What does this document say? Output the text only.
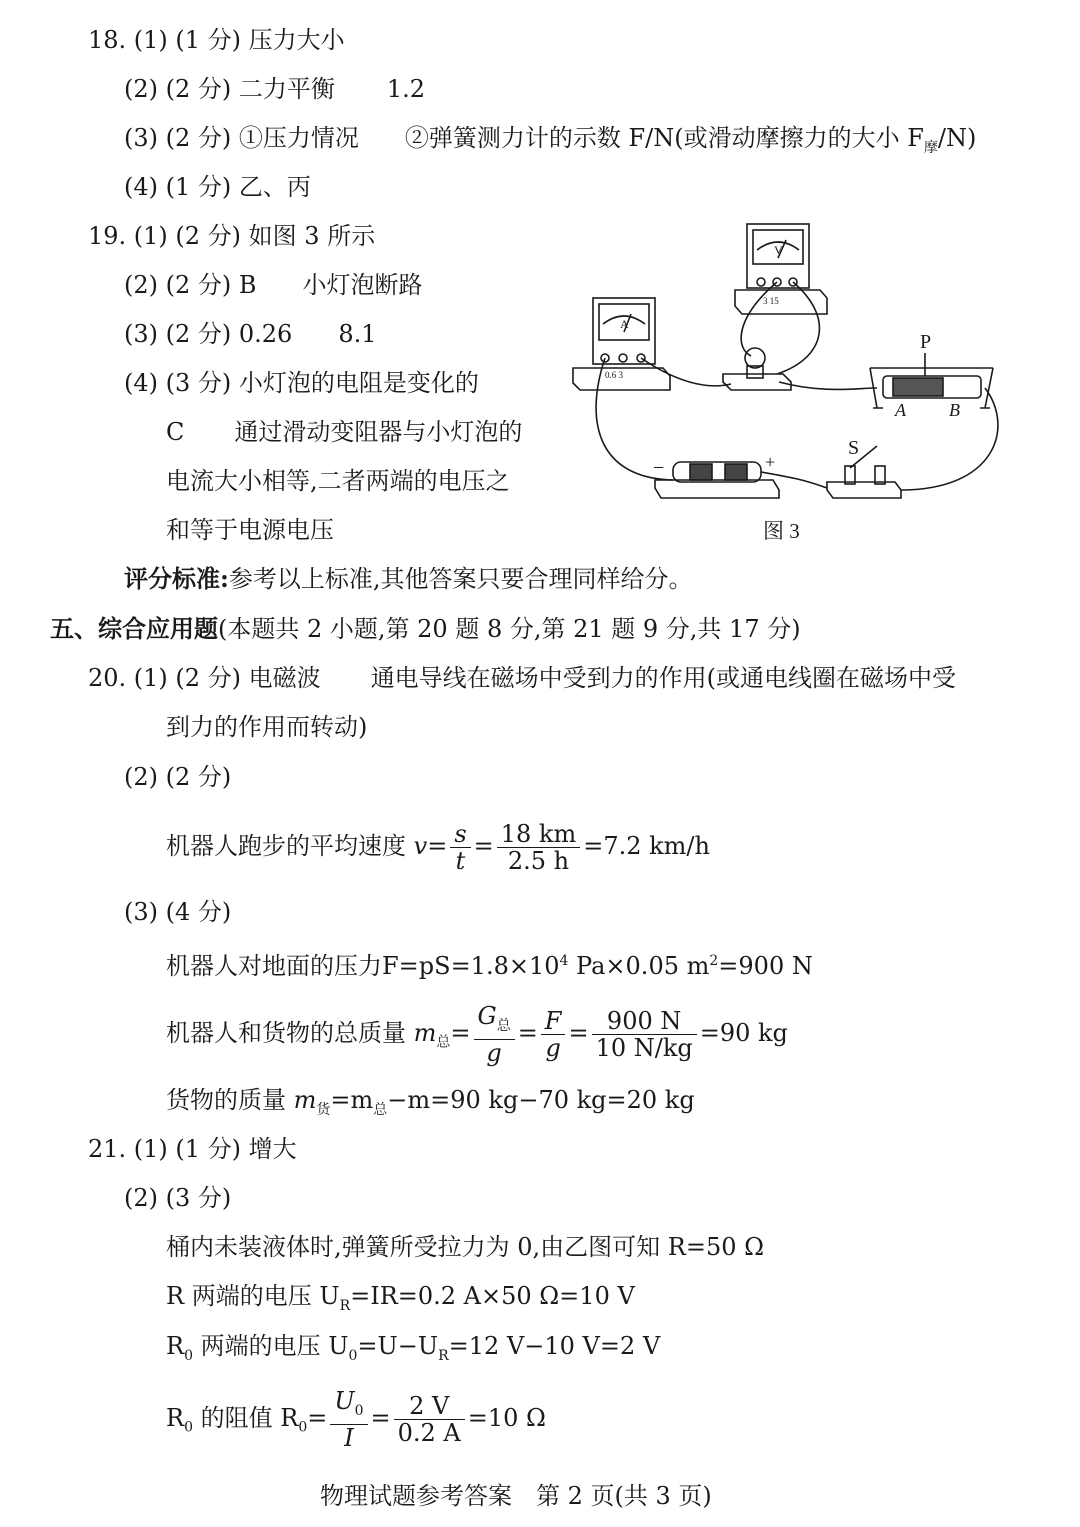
18. (1) (1 分) 压力大小
(2) (2 分) 二力平衡 1.2
(3) (2 分) ①压力情况 ②弹簧测力计的示数 F/N(或滑动摩擦力的大小 $F_摩/N$)
(4) (1 分) 乙、丙
19. (1) (2 分) 如图 3 所示
(2) (2 分) B 小灯泡断路
(3) (2 分) 0.26 8.1
(4) (3 分) 小灯泡的电阻是变化的
C 通过滑动变阻器与小灯泡的
电流大小相等,二者两端的电压之
和等于电源电压
A
0.6 3
V
3 15
P
A B
S
−	+
图 3
评分标准:参考以上标准,其他答案只要合理同样给分。
五、综合应用题(本题共 2 小题,第 20 题 8 分,第 21 题 9 分,共 17 分)
20. (1) (2 分) 电磁波 通电导线在磁场中受到力的作用(或通电线圈在磁场中受
到力的作用而转动)
(2) (2 分)
机器人跑步的平均速度 $v= \frac{s}{t} = \frac{18 km}{2.5 h} =7.2$ km/h
(3) (4 分)
机器人对地面的压力$F=pS=1.8\times 10^4$ Pa×0.05 $m^2=900$ N
机器人和货物的总质量 $m_总= \frac{G_总}{g} = \frac{F}{g} = \frac{900 N}{10 N/kg} =90$ kg
货物的质量 $m_货=m_总-m=90$ kg−70 kg=20 kg
21. (1) (1 分) 增大
(2) (3 分)
桶内未装液体时,弹簧所受拉力为 0,由乙图可知 R=50 Ω
R 两端的电压 $U_R=IR=0.2$ A×50 Ω=10 V
$R_0$ 两端的电压 $U_0=U-U_R=12$ V−10 V=2 V
$R_0$ 的阻值 $R_0= \frac{U_0}{I} = \frac{2 V}{0.2 A} =10$ Ω
物理试题参考答案　第 2 页(共 3 页)
